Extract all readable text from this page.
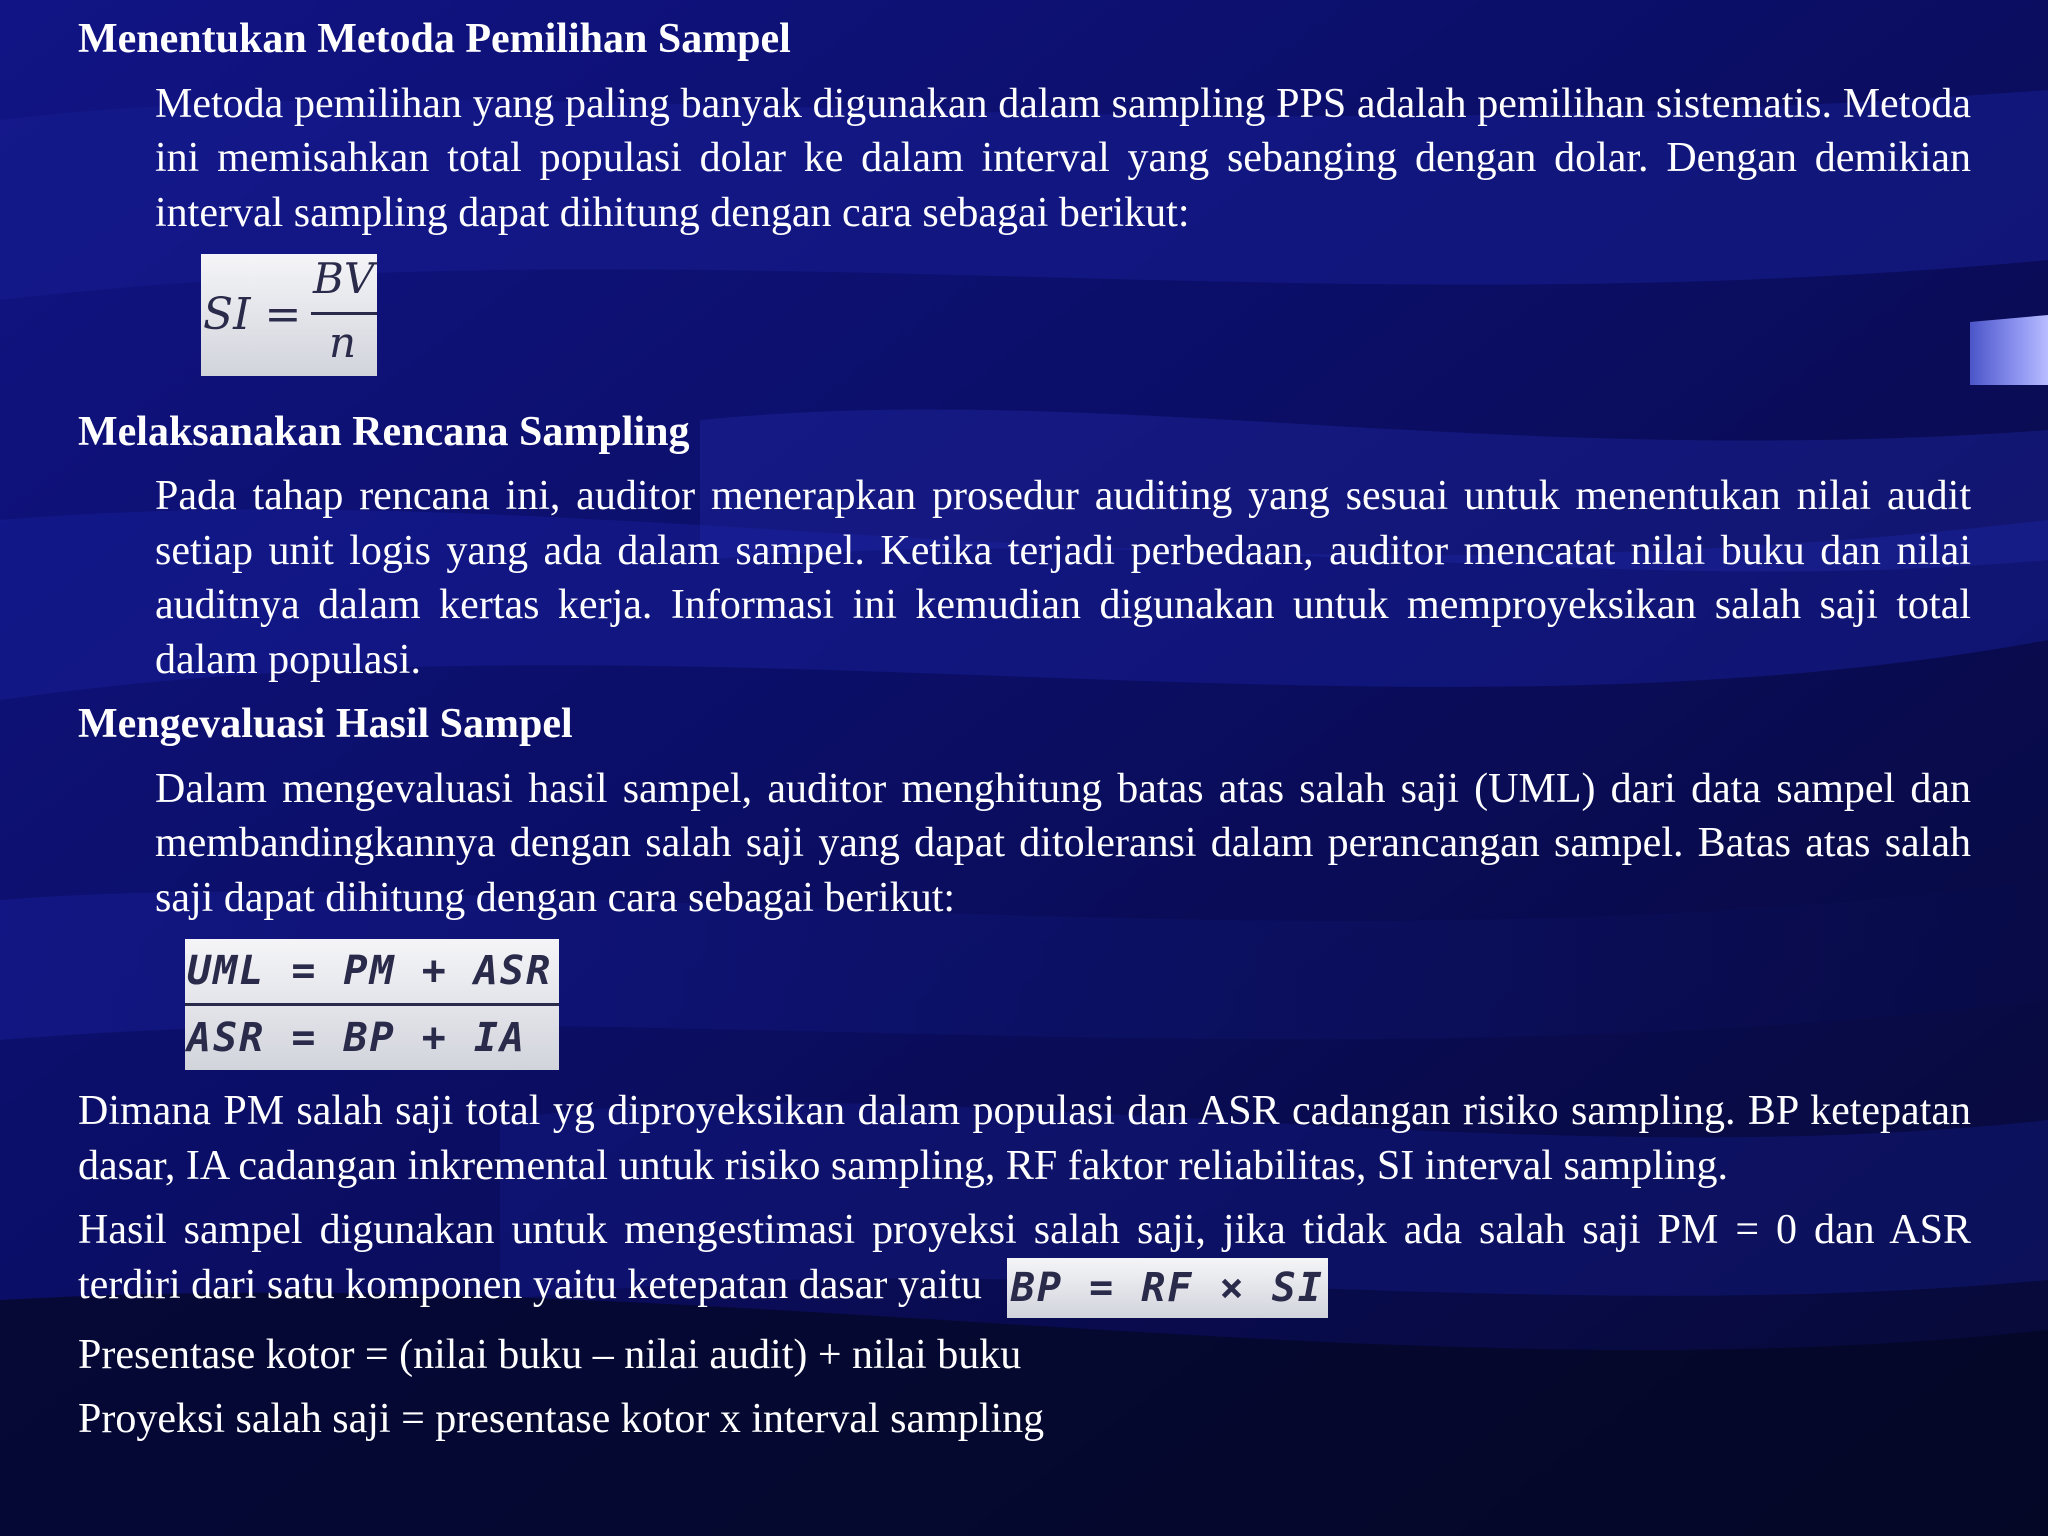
Menentukan Metoda Pemilihan Sampel
Metoda pemilihan yang paling banyak digunakan dalam sampling PPS adalah pemilihan sistematis. Metoda ini memisahkan total populasi dolar ke dalam interval yang sebanging dengan dolar. Dengan demikian interval sampling dapat dihitung dengan cara sebagai berikut:
SI =
BV
n
Melaksanakan Rencana Sampling
Pada tahap rencana ini, auditor menerapkan prosedur auditing yang sesuai untuk menentukan nilai audit setiap unit logis yang ada dalam sampel. Ketika terjadi perbedaan, auditor mencatat nilai buku dan nilai auditnya dalam kertas kerja. Informasi ini kemudian digunakan untuk memproyeksikan salah saji total dalam populasi.
Mengevaluasi Hasil Sampel
Dalam mengevaluasi hasil sampel, auditor menghitung batas atas salah saji (UML) dari data sampel dan membandingkannya dengan salah saji yang dapat ditoleransi dalam perancangan sampel. Batas atas salah saji dapat dihitung dengan cara sebagai berikut:
UML = PM + ASR
ASR = BP + IA
Dimana PM salah saji total yg diproyeksikan dalam populasi dan ASR cadangan risiko sampling. BP ketepatan dasar, IA cadangan inkremental untuk risiko sampling, RF faktor reliabilitas, SI interval sampling.
Hasil sampel digunakan untuk mengestimasi proyeksi salah saji, jika tidak ada salah saji PM = 0 dan ASR terdiri dari satu komponen yaitu ketepatan dasar yaitu BP = RF × SI
Presentase kotor = (nilai buku – nilai audit) + nilai buku
Proyeksi salah saji = presentase kotor x interval sampling
